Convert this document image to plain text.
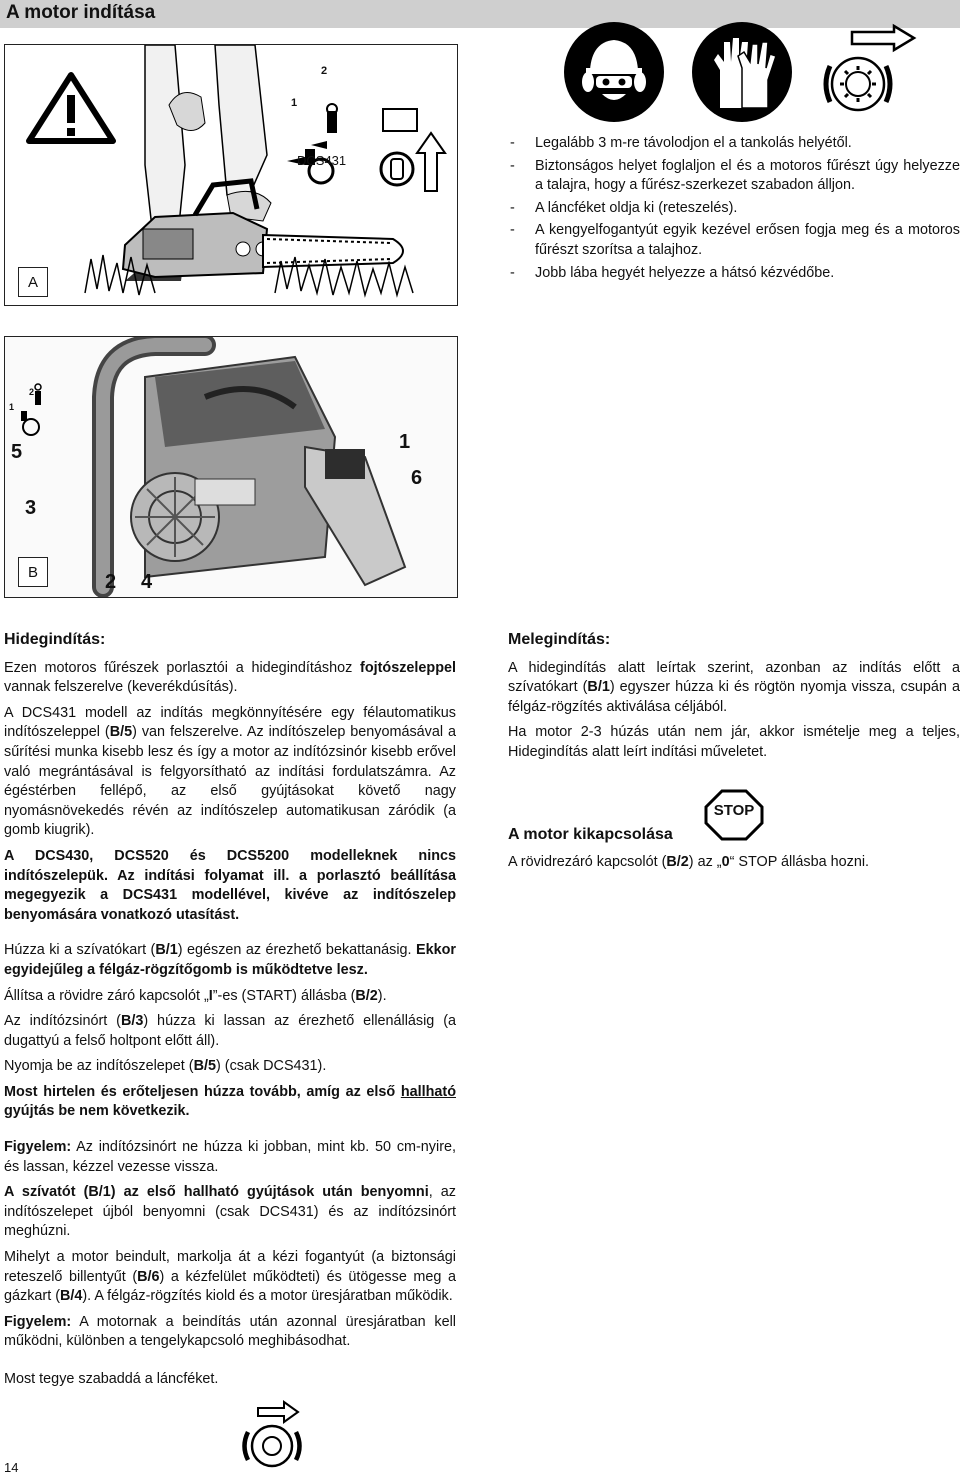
A motor indítása
1
2
DCS431
A
- Legalább 3 m-re távolodjon el a tankolás helyétől.
- Biztonságos helyet foglaljon el és a motoros fűrészt úgy helyezze a talajra, hogy a fűrész-szerkezet szabadon álljon.
- A láncféket oldja ki (reteszelés).
- A kengyelfogantyút egyik kezével erősen fogja meg és a motoros fűrészt szorítsa a talajhoz.
- Jobb lába hegyét helyezze a hátsó kézvédőbe.
1
2
5	1
6
3
2 4
B
Hidegindítás:

Ezen motoros fűrészek porlasztói a hidegindításhoz fojtószeleppel vannak felszerelve (keverékdúsítás).

A DCS431 modell az indítás megkönnyítésére egy félautomatikus indítószeleppel (B/5) van felszerelve. Az indítószelep benyomásával a sűrítési munka kisebb lesz és így a motor az indítózsinór kisebb erővel való megrántásával is felgyorsítható az indítási fordulatszámra. Az égéstérben fellépő, az első gyújtásokat követő nagy nyomásnövekedés révén az indítószelep automatikusan záródik (a gomb kiugrik).

A DCS430, DCS520 és DCS5200 modelleknek nincs indítószelepük. Az indítási folyamat ill. a porlasztó beállítása megegyezik a DCS431 modellével, kivéve az indítószelep benyomására vonatkozó utasítást.

Húzza ki a szívatókart (B/1) egészen az érezhető bekattanásig. Ekkor egyidejűleg a félgáz-rögzítőgomb is működtetve lesz.

Állítsa a rövidre záró kapcsolót „I”-es (START) állásba (B/2).

Az indítózsinórt (B/3) húzza ki lassan az érezhető ellenállásig (a dugattyú a felső holtpont előtt áll).

Nyomja be az indítószelepet (B/5) (csak DCS431).

Most hirtelen és erőteljesen húzza tovább, amíg az első hallható gyújtás be nem következik.

Figyelem: Az indítózsinórt ne húzza ki jobban, mint kb. 50 cm-nyire, és lassan, kézzel vezesse vissza.

A szívatót (B/1) az első hallható gyújtások után benyomni, az indítószelepet újból benyomni (csak DCS431) és az indítózsinórt meghúzni.

Mihelyt a motor beindult, markolja át a kézi fogantyút (a biztonsági reteszelő billentyűt (B/6) a kézfelület működteti) és ütögesse meg a gázkart (B/4). A félgáz-rögzítés kiold és a motor üresjáratban működik.

Figyelem: A motornak a beindítás után azonnal üresjáratban kell működni, különben a tengelykapcsoló meghibásodhat.

Most tegye szabaddá a láncféket.

Melegindítás:

A hidegindítás alatt leírtak szerint, azonban az indítás előtt a szívatókart (B/1) egyszer húzza ki és rögtön nyomja vissza, csupán a félgáz-rögzítés aktiválása céljából.

Ha motor 2-3 húzás után nem jár, akkor ismételje meg a teljes, Hidegindítás alatt leírt indítási műveletet.

STOP
A motor kikapcsolása

A rövidrezáró kapcsolót (B/2) az „0“ STOP állásba hozni.

14
